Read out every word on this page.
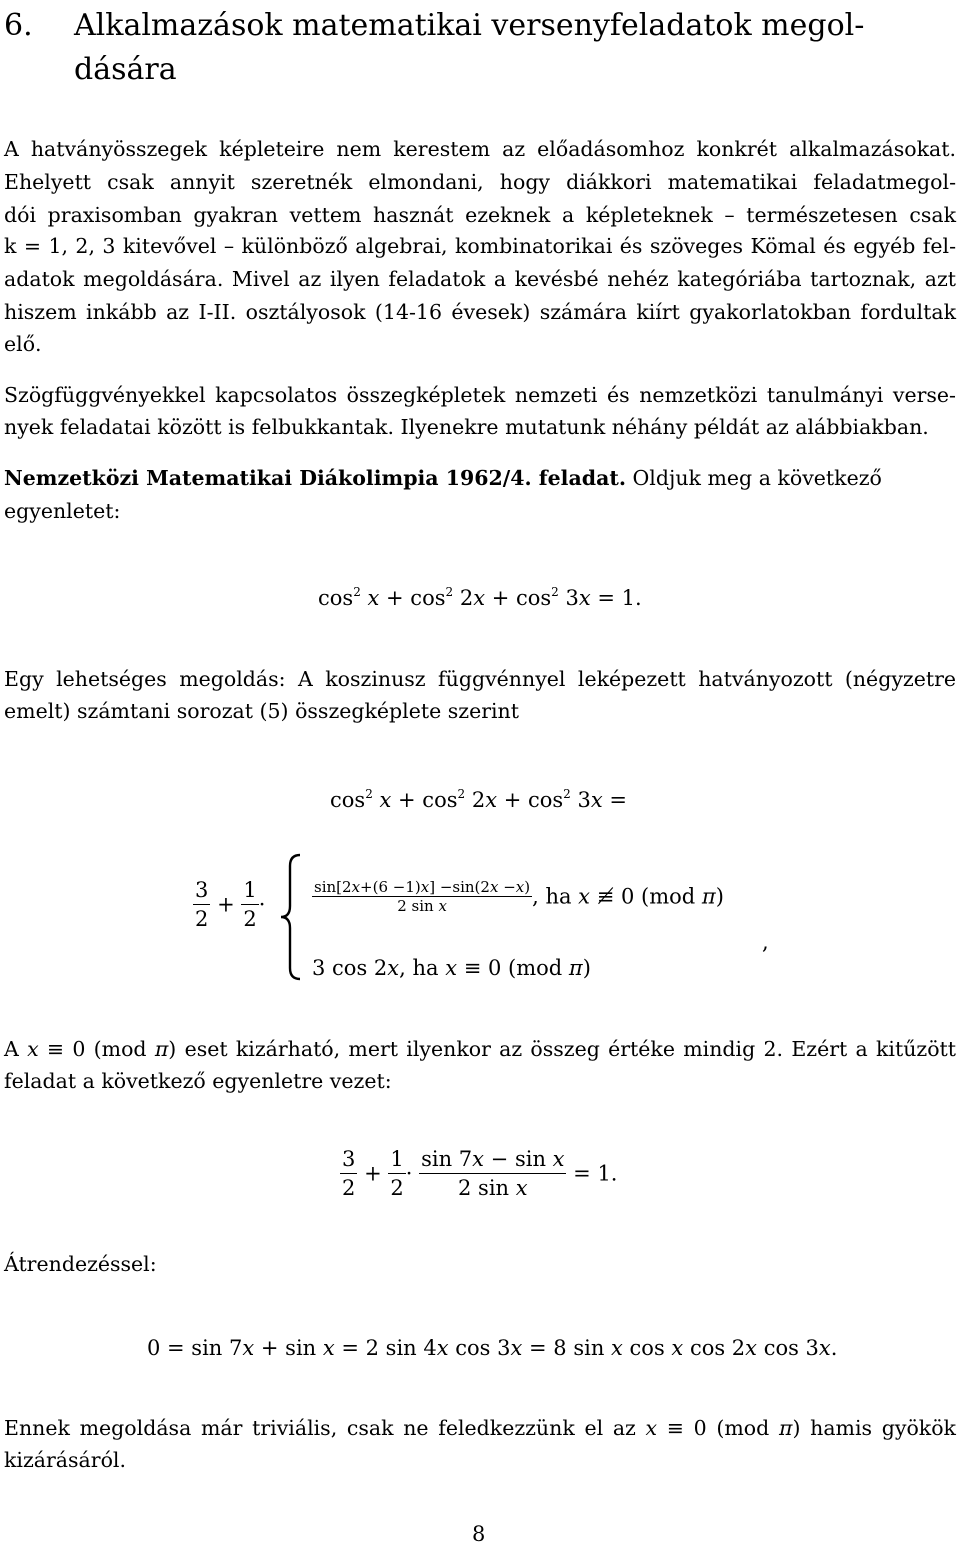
6. Alkalmazások matematikai versenyfeladatok megol-
dására
A hatványösszegek képleteire nem kerestem az előadásomhoz konkrét alkalmazásokat.
Ehelyett csak annyit szeretnék elmondani, hogy diákkori matematikai feladatmegol-
dói praxisomban gyakran vettem hasznát ezeknek a képleteknek – természetesen csak
k = 1, 2, 3 kitevővel – különböző algebrai, kombinatorikai és szöveges Kömal és egyéb fel-
adatok megoldására. Mivel az ilyen feladatok a kevésbé nehéz kategóriába tartoznak, azt
hiszem inkább az I-II. osztályosok (14-16 évesek) számára kiírt gyakorlatokban fordultak
elő.
Szögfüggvényekkel kapcsolatos összegképletek nemzeti és nemzetközi tanulmányi verse-
nyek feladatai között is felbukkantak. Ilyenekre mutatunk néhány példát az alábbiakban.
Nemzetközi Matematikai Diákolimpia 1962/4. feladat. Oldjuk meg a következő
egyenletet:
$\cos^2 x + \cos^2 2x + \cos^2 3x = 1$.
Egy lehetséges megoldás: A koszinusz függvénnyel leképezett hatványozott (négyzetre
emelt) számtani sorozat (5) összegképlete szerint
$\cos^2 x + \cos^2 2x + \cos^2 3x$ =
$\frac{3}{2} + \frac{1}{2}$ ·	$\frac{\sin[2x+(6 -1)x] -\sin(2x -x)}{\text{2 sin x}}$ , ha x ≢ 0 (mod π)
3 cos 2x, ha x ≡ 0 (mod π)
,
A x ≡ 0 (mod π) eset kizárható, mert ilyenkor az összeg értéke mindig 2. Ezért a kitűzött
feladat a következő egyenletre vezet:
$\frac{3}{2} + \frac{1}{2} \cdot \frac{\text{sin 7x − sin x}}{\text{2 sin x}} = 1$.
Átrendezéssel:
0 = sin 7x + sin x = 2 sin 4x cos 3x = 8 sin x cos x cos 2x cos 3x.
Ennek megoldása már triviális, csak ne feledkezzünk el az x ≡ 0 (mod π) hamis gyökök
kizárásáról.
8
